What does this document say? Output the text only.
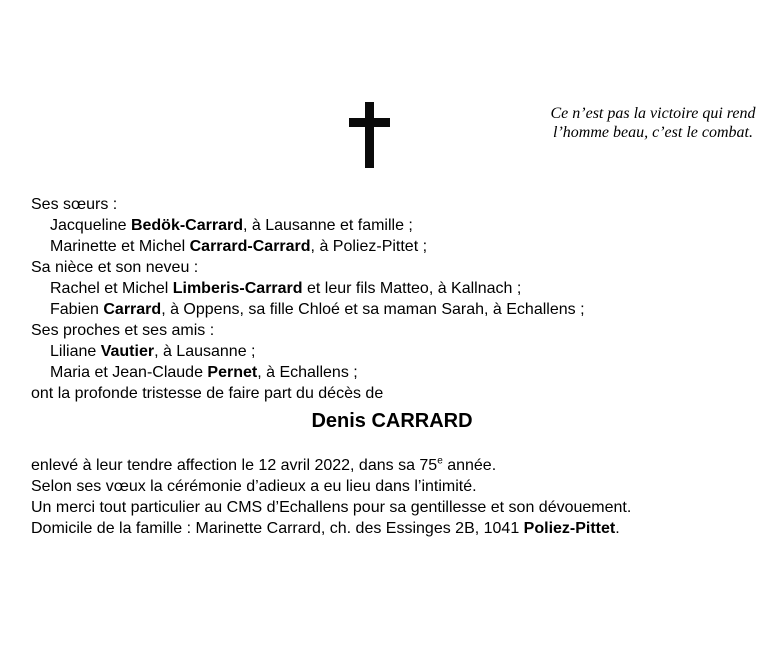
Ce n’est pas la victoire qui rend
l’homme beau, c’est le combat.
Ses sœurs :
Jacqueline Bedök-Carrard, à Lausanne et famille ;
Marinette et Michel Carrard-Carrard, à Poliez-Pittet ;
Sa nièce et son neveu :
Rachel et Michel Limberis-Carrard et leur fils Matteo, à Kallnach ;
Fabien Carrard, à Oppens, sa fille Chloé et sa maman Sarah, à Echallens ;
Ses proches et ses amis :
Liliane Vautier, à Lausanne ;
Maria et Jean-Claude Pernet, à Echallens ;
ont la profonde tristesse de faire part du décès de
Denis CARRARD
enlevé à leur tendre affection le 12 avril 2022, dans sa 75e année.
Selon ses vœux la cérémonie d’adieux a eu lieu dans l’intimité.
Un merci tout particulier au CMS d’Echallens pour sa gentillesse et son dévouement.
Domicile de la famille : Marinette Carrard, ch. des Essinges 2B, 1041 Poliez-Pittet.
